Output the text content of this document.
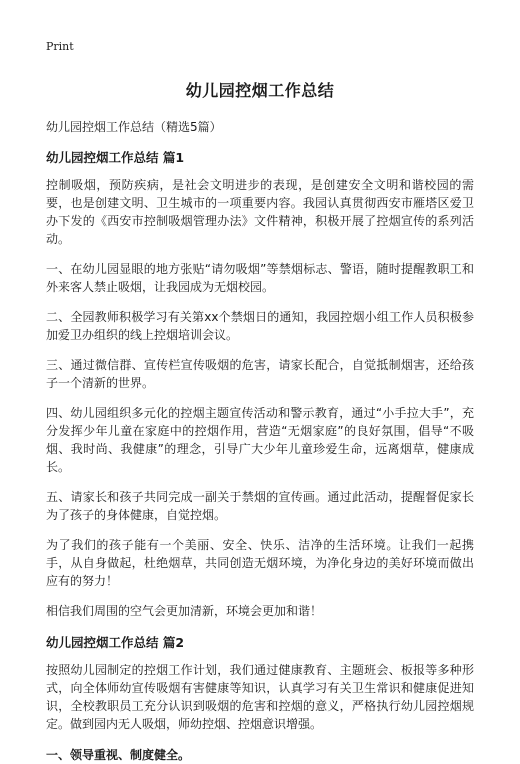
Print
幼儿园控烟工作总结
幼儿园控烟工作总结（精选5篇）
幼儿园控烟工作总结 篇1

控制吸烟，预防疾病，是社会文明进步的表现，是创建安全文明和谐校园的需要，也是创建文明、卫生城市的一项重要内容。我园认真贯彻西安市雁塔区爱卫办下发的《西安市控制吸烟管理办法》文件精神，积极开展了控烟宣传的系列活动。

一、在幼儿园显眼的地方张贴“请勿吸烟”等禁烟标志、警语，随时提醒教职工和外来客人禁止吸烟，让我园成为无烟校园。

二、全园教师积极学习有关第xx个禁烟日的通知，我园控烟小组工作人员积极参加爱卫办组织的线上控烟培训会议。

三、通过微信群、宣传栏宣传吸烟的危害，请家长配合，自觉抵制烟害，还给孩子一个清新的世界。

四、幼儿园组织多元化的控烟主题宣传活动和警示教育，通过“小手拉大手”，充分发挥少年儿童在家庭中的控烟作用，营造“无烟家庭”的良好氛围，倡导“不吸烟、我时尚、我健康”的理念，引导广大少年儿童珍爱生命，远离烟草，健康成长。

五、请家长和孩子共同完成一副关于禁烟的宣传画。通过此活动，提醒督促家长为了孩子的身体健康，自觉控烟。

为了我们的孩子能有一个美丽、安全、快乐、洁净的生活环境。让我们一起携手，从自身做起，杜绝烟草，共同创造无烟环境，为净化身边的美好环境而做出应有的努力！

相信我们周围的空气会更加清新，环境会更加和谐！

幼儿园控烟工作总结 篇2

按照幼儿园制定的控烟工作计划，我们通过健康教育、主题班会、板报等多种形式，向全体师幼宣传吸烟有害健康等知识，认真学习有关卫生常识和健康促进知识，全校教职员工充分认识到吸烟的危害和控烟的意义，严格执行幼儿园控烟规定。做到园内无人吸烟，师幼控烟、控烟意识增强。

一、领导重视、制度健全。
